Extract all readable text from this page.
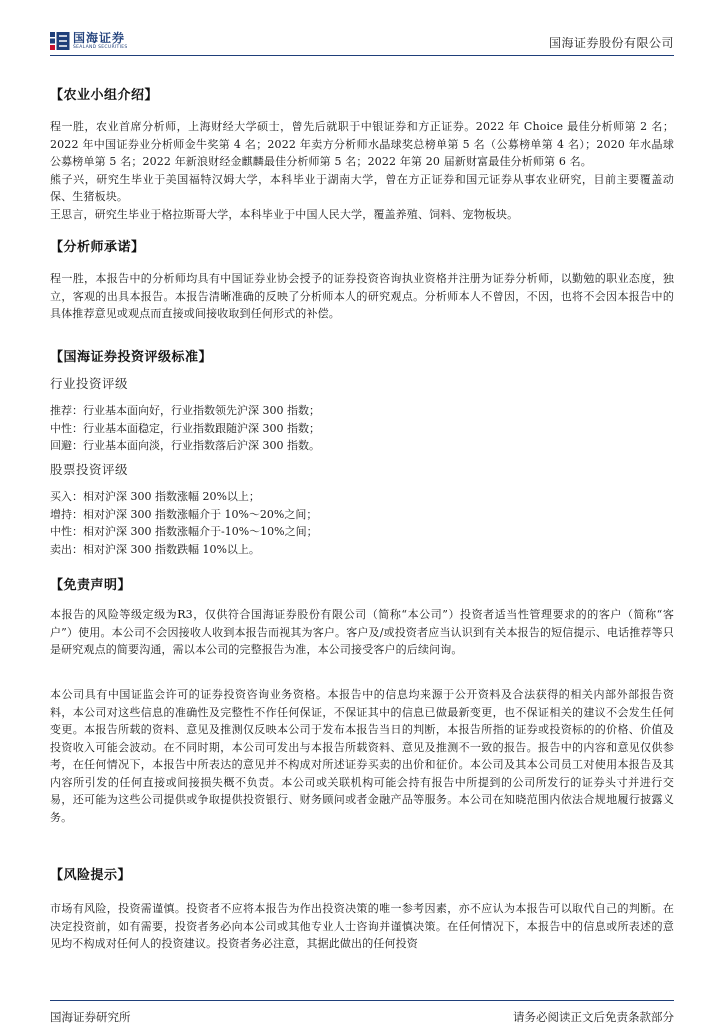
国海证券
SEALAND SECURITIES	国海证券股份有限公司
【农业小组介绍】

程一胜，农业首席分析师，上海财经大学硕士，曾先后就职于中银证券和方正证券。2022 年 Choice 最佳分析师第 2 名；2022 年中国证券业分析师金牛奖第 4 名；2022 年卖方分析师水晶球奖总榜单第 5 名（公募榜单第 4 名）；2020 年水晶球公募榜单第 5 名；2022 年新浪财经金麒麟最佳分析师第 5 名；2022 年第 20 届新财富最佳分析师第 6 名。

熊子兴，研究生毕业于美国福特汉姆大学，本科毕业于湖南大学，曾在方正证券和国元证券从事农业研究，目前主要覆盖动保、生猪板块。

王思言，研究生毕业于格拉斯哥大学，本科毕业于中国人民大学，覆盖养殖、饲料、宠物板块。

【分析师承诺】
程一胜，本报告中的分析师均具有中国证券业协会授予的证券投资咨询执业资格并注册为证券分析师，以勤勉的职业态度，独立，客观的出具本报告。本报告清晰准确的反映了分析师本人的研究观点。分析师本人不曾因，不因，也将不会因本报告中的具体推荐意见或观点而直接或间接收取到任何形式的补偿。
【国海证券投资评级标准】
行业投资评级
推荐：行业基本面向好，行业指数领先沪深 300 指数；
中性：行业基本面稳定，行业指数跟随沪深 300 指数；
回避：行业基本面向淡，行业指数落后沪深 300 指数。
股票投资评级
买入：相对沪深 300 指数涨幅 20%以上；
增持：相对沪深 300 指数涨幅介于 10%～20%之间；
中性：相对沪深 300 指数涨幅介于-10%～10%之间；
卖出：相对沪深 300 指数跌幅 10%以上。
【免责声明】
本报告的风险等级定级为R3，仅供符合国海证券股份有限公司（简称“本公司”）投资者适当性管理要求的的客户（简称“客户”）使用。本公司不会因接收人收到本报告而视其为客户。客户及/或投资者应当认识到有关本报告的短信提示、电话推荐等只是研究观点的简要沟通，需以本公司的完整报告为准，本公司接受客户的后续问询。
本公司具有中国证监会许可的证券投资咨询业务资格。本报告中的信息均来源于公开资料及合法获得的相关内部外部报告资料，本公司对这些信息的准确性及完整性不作任何保证，不保证其中的信息已做最新变更，也不保证相关的建议不会发生任何变更。本报告所载的资料、意见及推测仅反映本公司于发布本报告当日的判断，本报告所指的证券或投资标的的价格、价值及投资收入可能会波动。在不同时期，本公司可发出与本报告所载资料、意见及推测不一致的报告。报告中的内容和意见仅供参考，在任何情况下，本报告中所表达的意见并不构成对所述证券买卖的出价和征价。本公司及其本公司员工对使用本报告及其内容所引发的任何直接或间接损失概不负责。本公司或关联机构可能会持有报告中所提到的公司所发行的证券头寸并进行交易，还可能为这些公司提供或争取提供投资银行、财务顾问或者金融产品等服务。本公司在知晓范围内依法合规地履行披露义务。
【风险提示】
市场有风险，投资需谨慎。投资者不应将本报告为作出投资决策的唯一参考因素，亦不应认为本报告可以取代自己的判断。在决定投资前，如有需要，投资者务必向本公司或其他专业人士咨询并谨慎决策。在任何情况下，本报告中的信息或所表述的意见均不构成对任何人的投资建议。投资者务必注意，其据此做出的任何投资
国海证券研究所	请务必阅读正文后免责条款部分
